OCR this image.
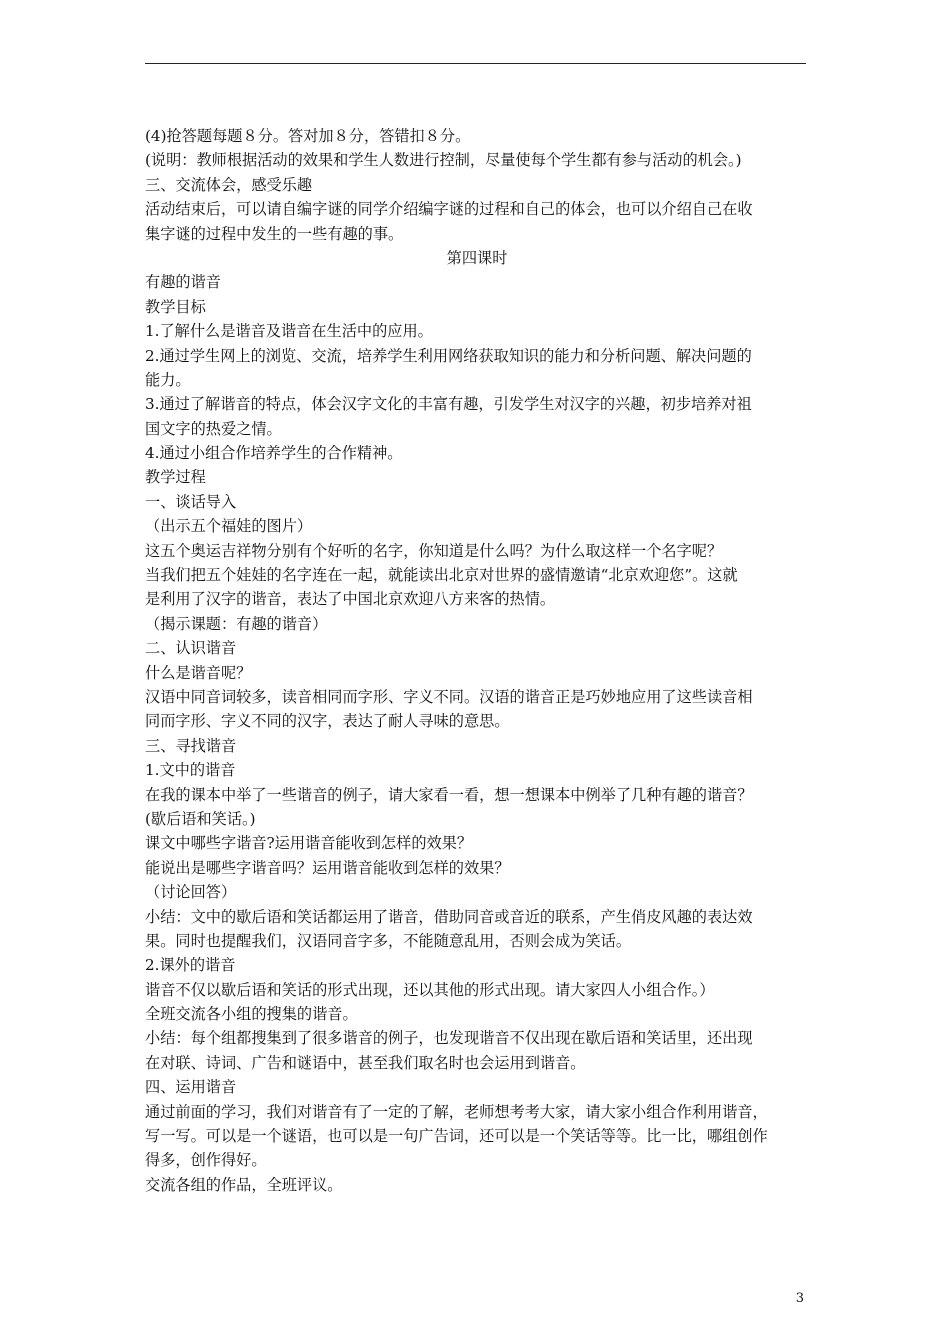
(4)抢答题每题８分。答对加８分，答错扣８分。
(说明：教师根据活动的效果和学生人数进行控制，尽量使每个学生都有参与活动的机会。)
三、交流体会，感受乐趣
活动结束后，可以请自编字谜的同学介绍编字谜的过程和自己的体会，也可以介绍自己在收
集字谜的过程中发生的一些有趣的事。
第四课时
有趣的谐音
教学目标
1.了解什么是谐音及谐音在生活中的应用。
2.通过学生网上的浏览、交流，培养学生利用网络获取知识的能力和分析问题、解决问题的
能力。
3.通过了解谐音的特点，体会汉字文化的丰富有趣，引发学生对汉字的兴趣，初步培养对祖
国文字的热爱之情。
4.通过小组合作培养学生的合作精神。
教学过程
一、谈话导入
（出示五个福娃的图片）
这五个奥运吉祥物分别有个好听的名字，你知道是什么吗？为什么取这样一个名字呢？
当我们把五个娃娃的名字连在一起，就能读出北京对世界的盛情邀请“北京欢迎您”。这就
是利用了汉字的谐音，表达了中国北京欢迎八方来客的热情。
（揭示课题：有趣的谐音）
二、认识谐音
什么是谐音呢？
汉语中同音词较多，读音相同而字形、字义不同。汉语的谐音正是巧妙地应用了这些读音相
同而字形、字义不同的汉字，表达了耐人寻味的意思。
三、寻找谐音
1.文中的谐音
在我的课本中举了一些谐音的例子，请大家看一看，想一想课本中例举了几种有趣的谐音？
(歇后语和笑话。)
课文中哪些字谐音?运用谐音能收到怎样的效果？
能说出是哪些字谐音吗？运用谐音能收到怎样的效果？
（讨论回答）
小结：文中的歇后语和笑话都运用了谐音，借助同音或音近的联系，产生俏皮风趣的表达效
果。同时也提醒我们，汉语同音字多，不能随意乱用，否则会成为笑话。
2.课外的谐音
谐音不仅以歇后语和笑话的形式出现，还以其他的形式出现。请大家四人小组合作。）
全班交流各小组的搜集的谐音。
小结：每个组都搜集到了很多谐音的例子，也发现谐音不仅出现在歇后语和笑话里，还出现
在对联、诗词、广告和谜语中，甚至我们取名时也会运用到谐音。
四、运用谐音
通过前面的学习，我们对谐音有了一定的了解，老师想考考大家，请大家小组合作利用谐音，
写一写。可以是一个谜语，也可以是一句广告词，还可以是一个笑话等等。比一比，哪组创作
得多，创作得好。
交流各组的作品，全班评议。
3
